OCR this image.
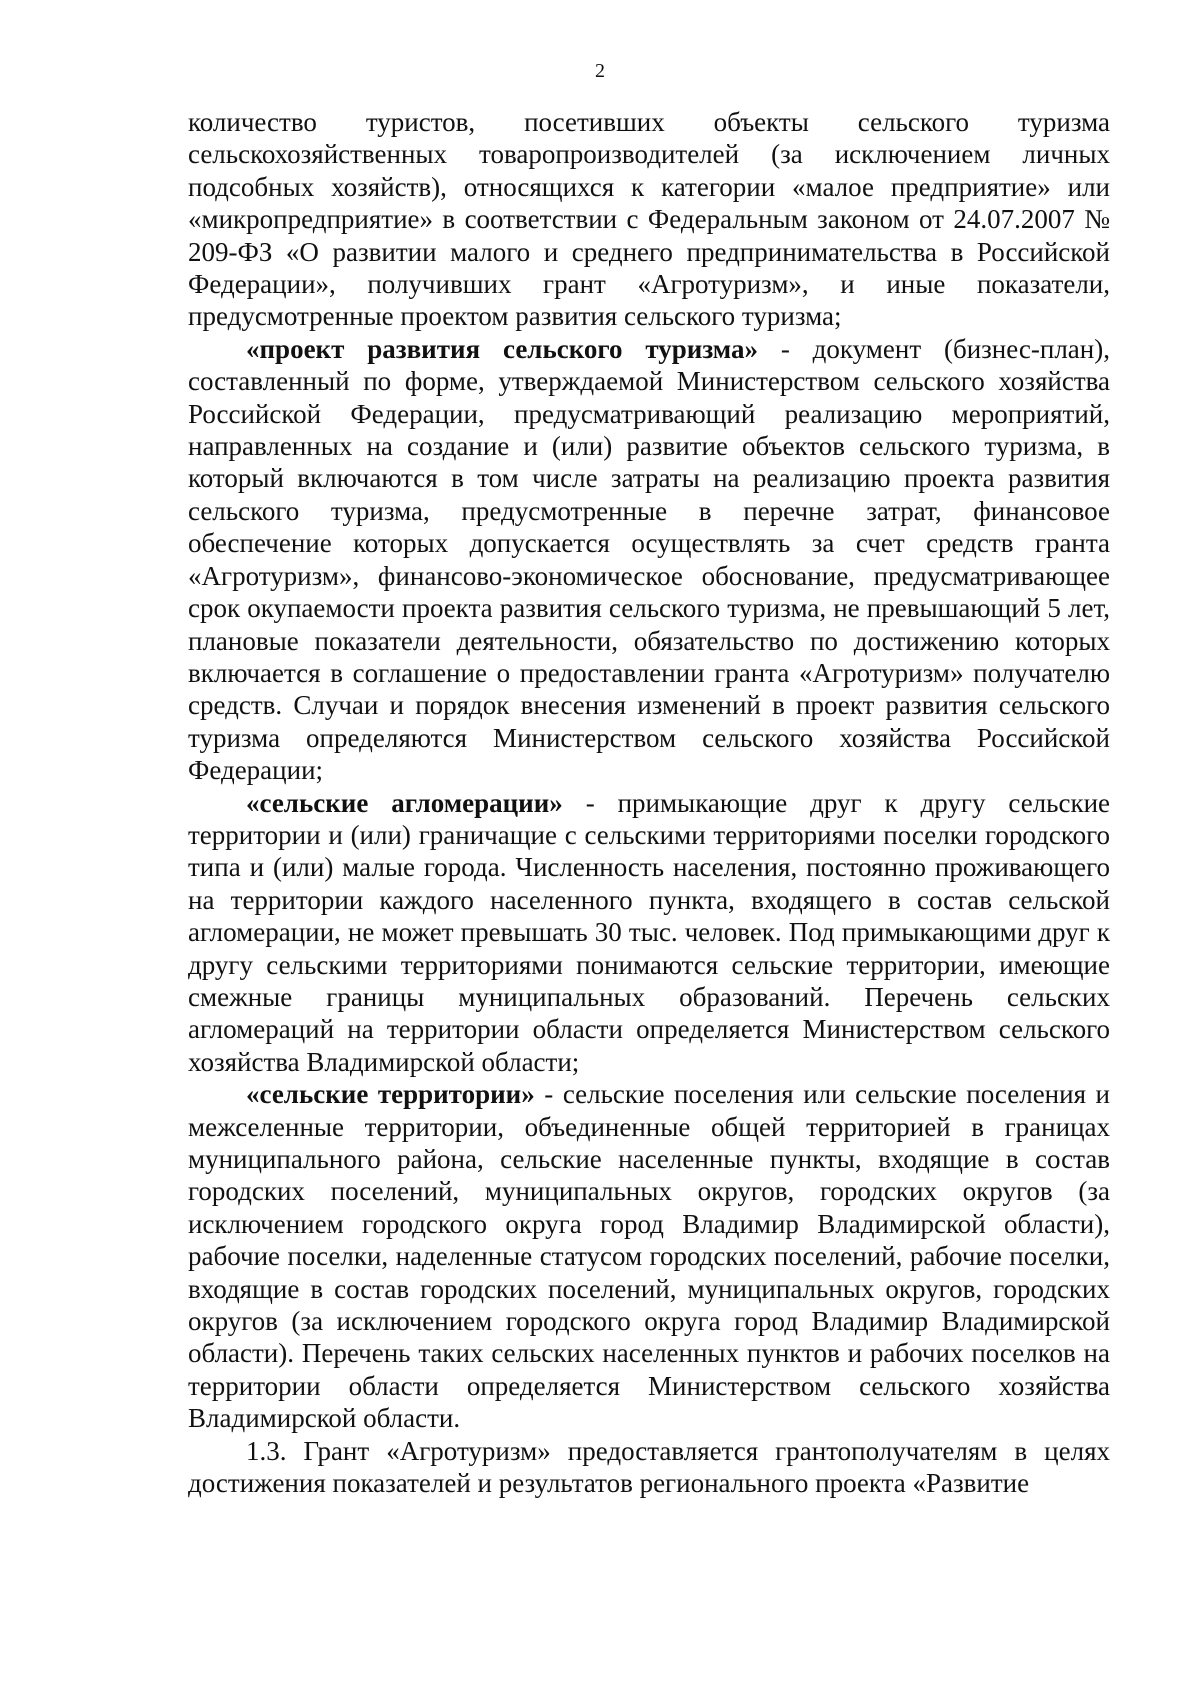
2

количество туристов, посетивших объекты сельского туризма сельскохозяйственных товаропроизводителей (за исключением личных подсобных хозяйств), относящихся к категории «малое предприятие» или «микропредприятие» в соответствии с Федеральным законом от 24.07.2007 № 209-ФЗ «О развитии малого и среднего предпринимательства в Российской Федерации», получивших грант «Агротуризм», и иные показатели, предусмотренные проектом развития сельского туризма;

«проект развития сельского туризма» - документ (бизнес-план), составленный по форме, утверждаемой Министерством сельского хозяйства Российской Федерации, предусматривающий реализацию мероприятий, направленных на создание и (или) развитие объектов сельского туризма, в который включаются в том числе затраты на реализацию проекта развития сельского туризма, предусмотренные в перечне затрат, финансовое обеспечение которых допускается осуществлять за счет средств гранта «Агротуризм», финансово-экономическое обоснование, предусматривающее срок окупаемости проекта развития сельского туризма, не превышающий 5 лет, плановые показатели деятельности, обязательство по достижению которых включается в соглашение о предоставлении гранта «Агротуризм» получателю средств. Случаи и порядок внесения изменений в проект развития сельского туризма определяются Министерством сельского хозяйства Российской Федерации;

«сельские агломерации» - примыкающие друг к другу сельские территории и (или) граничащие с сельскими территориями поселки городского типа и (или) малые города. Численность населения, постоянно проживающего на территории каждого населенного пункта, входящего в состав сельской агломерации, не может превышать 30 тыс. человек. Под примыкающими друг к другу сельскими территориями понимаются сельские территории, имеющие смежные границы муниципальных образований. Перечень сельских агломераций на территории области определяется Министерством сельского хозяйства Владимирской области;

«сельские территории» - сельские поселения или сельские поселения и межселенные территории, объединенные общей территорией в границах муниципального района, сельские населенные пункты, входящие в состав городских поселений, муниципальных округов, городских округов (за исключением городского округа город Владимир Владимирской области), рабочие поселки, наделенные статусом городских поселений, рабочие поселки, входящие в состав городских поселений, муниципальных округов, городских округов (за исключением городского округа город Владимир Владимирской области). Перечень таких сельских населенных пунктов и рабочих поселков на территории области определяется Министерством сельского хозяйства Владимирской области.

1.3. Грант «Агротуризм» предоставляется грантополучателям в целях достижения показателей и результатов регионального проекта «Развитие
